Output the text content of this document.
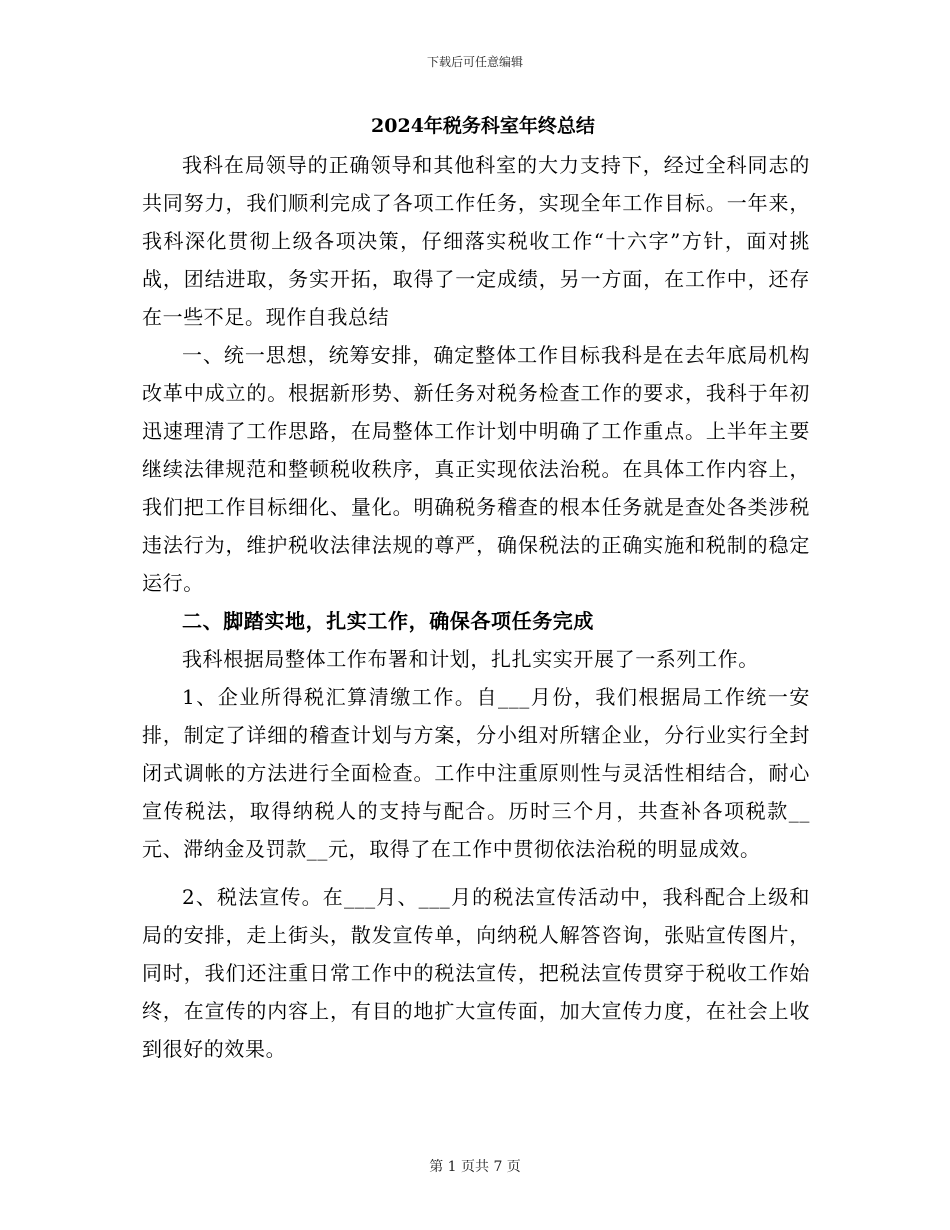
下载后可任意编辑
2024年税务科室年终总结

我科在局领导的正确领导和其他科室的大力支持下，经过全科同志的共同努力，我们顺利完成了各项工作任务，实现全年工作目标。一年来，我科深化贯彻上级各项决策，仔细落实税收工作“十六字”方针，面对挑战，团结进取，务实开拓，取得了一定成绩，另一方面，在工作中，还存在一些不足。现作自我总结

一、统一思想，统筹安排，确定整体工作目标我科是在去年底局机构改革中成立的。根据新形势、新任务对税务检查工作的要求，我科于年初迅速理清了工作思路，在局整体工作计划中明确了工作重点。上半年主要继续法律规范和整顿税收秩序，真正实现依法治税。在具体工作内容上，我们把工作目标细化、量化。明确税务稽查的根本任务就是查处各类涉税违法行为，维护税收法律法规的尊严，确保税法的正确实施和税制的稳定运行。

二、脚踏实地，扎实工作，确保各项任务完成

我科根据局整体工作布署和计划，扎扎实实开展了一系列工作。

1、企业所得税汇算清缴工作。自___月份，我们根据局工作统一安排，制定了详细的稽查计划与方案，分小组对所辖企业，分行业实行全封闭式调帐的方法进行全面检查。工作中注重原则性与灵活性相结合，耐心宣传税法，取得纳税人的支持与配合。历时三个月，共查补各项税款__元、滞纳金及罚款__元，取得了在工作中贯彻依法治税的明显成效。

2、税法宣传。在___月、___月的税法宣传活动中，我科配合上级和局的安排，走上街头，散发宣传单，向纳税人解答咨询，张贴宣传图片，同时，我们还注重日常工作中的税法宣传，把税法宣传贯穿于税收工作始终，在宣传的内容上，有目的地扩大宣传面，加大宣传力度，在社会上收到很好的效果。

第 1 页共 7 页
